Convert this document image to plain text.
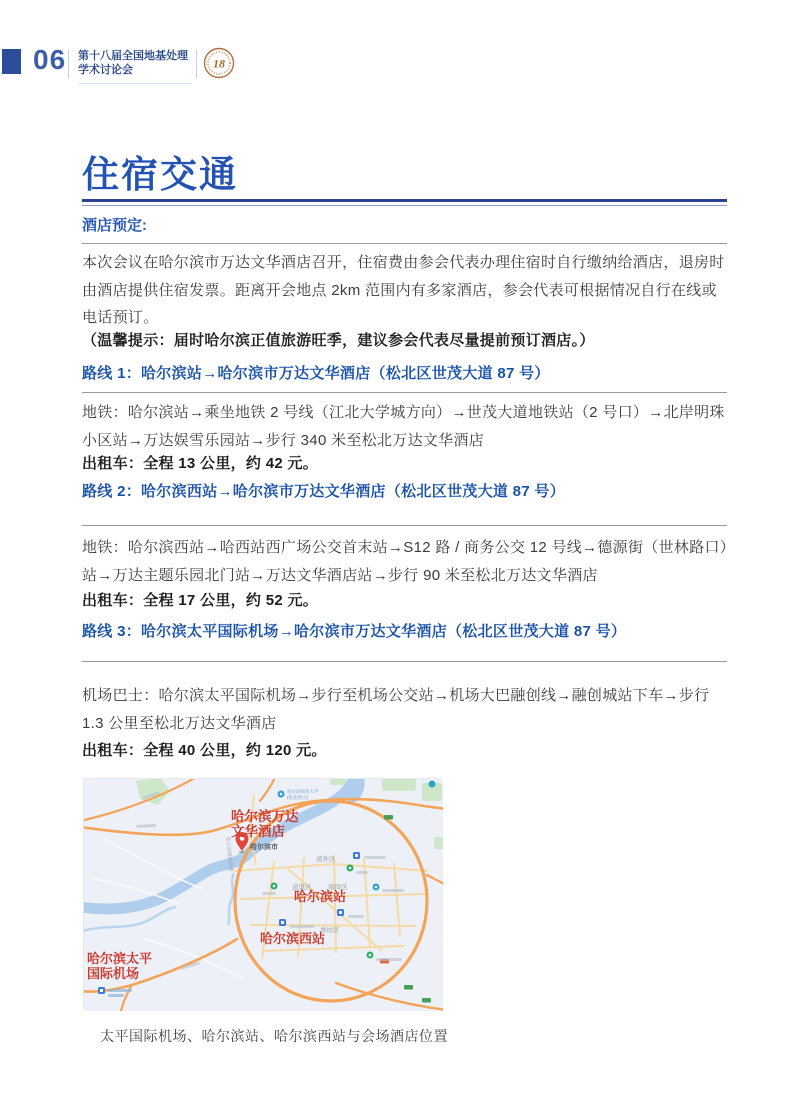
06 第十八届全国地基处理
学术讨论会	18
住宿交通
酒店预定:

本次会议在哈尔滨市万达文华酒店召开，住宿费由参会代表办理住宿时自行缴纳给酒店，退房时由酒店提供住宿发票。距离开会地点 2km 范围内有多家酒店，参会代表可根据情况自行在线或电话预订。

（温馨提示：届时哈尔滨正值旅游旺季，建议参会代表尽量提前预订酒店。）

路线 1：哈尔滨站→哈尔滨市万达文华酒店（松北区世茂大道 87 号）

地铁：哈尔滨站→乘坐地铁 2 号线（江北大学城方向）→世茂大道地铁站（2 号口）→北岸明珠小区站→万达娱雪乐园站→步行 340 米至松北万达文华酒店

出租车：全程 13 公里，约 42 元。
路线 2：哈尔滨西站→哈尔滨市万达文华酒店（松北区世茂大道 87 号）

地铁：哈尔滨西站→哈西站西广场公交首末站→S12 路 / 商务公交 12 号线→德源街（世林路口）站→万达主题乐园北门站→万达文华酒店站→步行 90 米至松北万达文华酒店

出租车：全程 17 公里，约 52 元。
路线 3：哈尔滨太平国际机场→哈尔滨市万达文华酒店（松北区世茂大道 87 号）

机场巴士：哈尔滨太平国际机场→步行至机场公交站→机场大巴融创线→融创城站下车→步行 1.3 公里至松北万达文华酒店

出租车：全程 40 公里，约 120 元。
道外区
道里区	南岗区
香坊区
哈尔滨绕城高速
哈尔滨师范大学
(松北校区)
哈尔滨市
哈尔滨万达
文华酒店
哈尔滨站
哈尔滨西站
哈尔滨太平
国际机场
太平国际机场、哈尔滨站、哈尔滨西站与会场酒店位置
